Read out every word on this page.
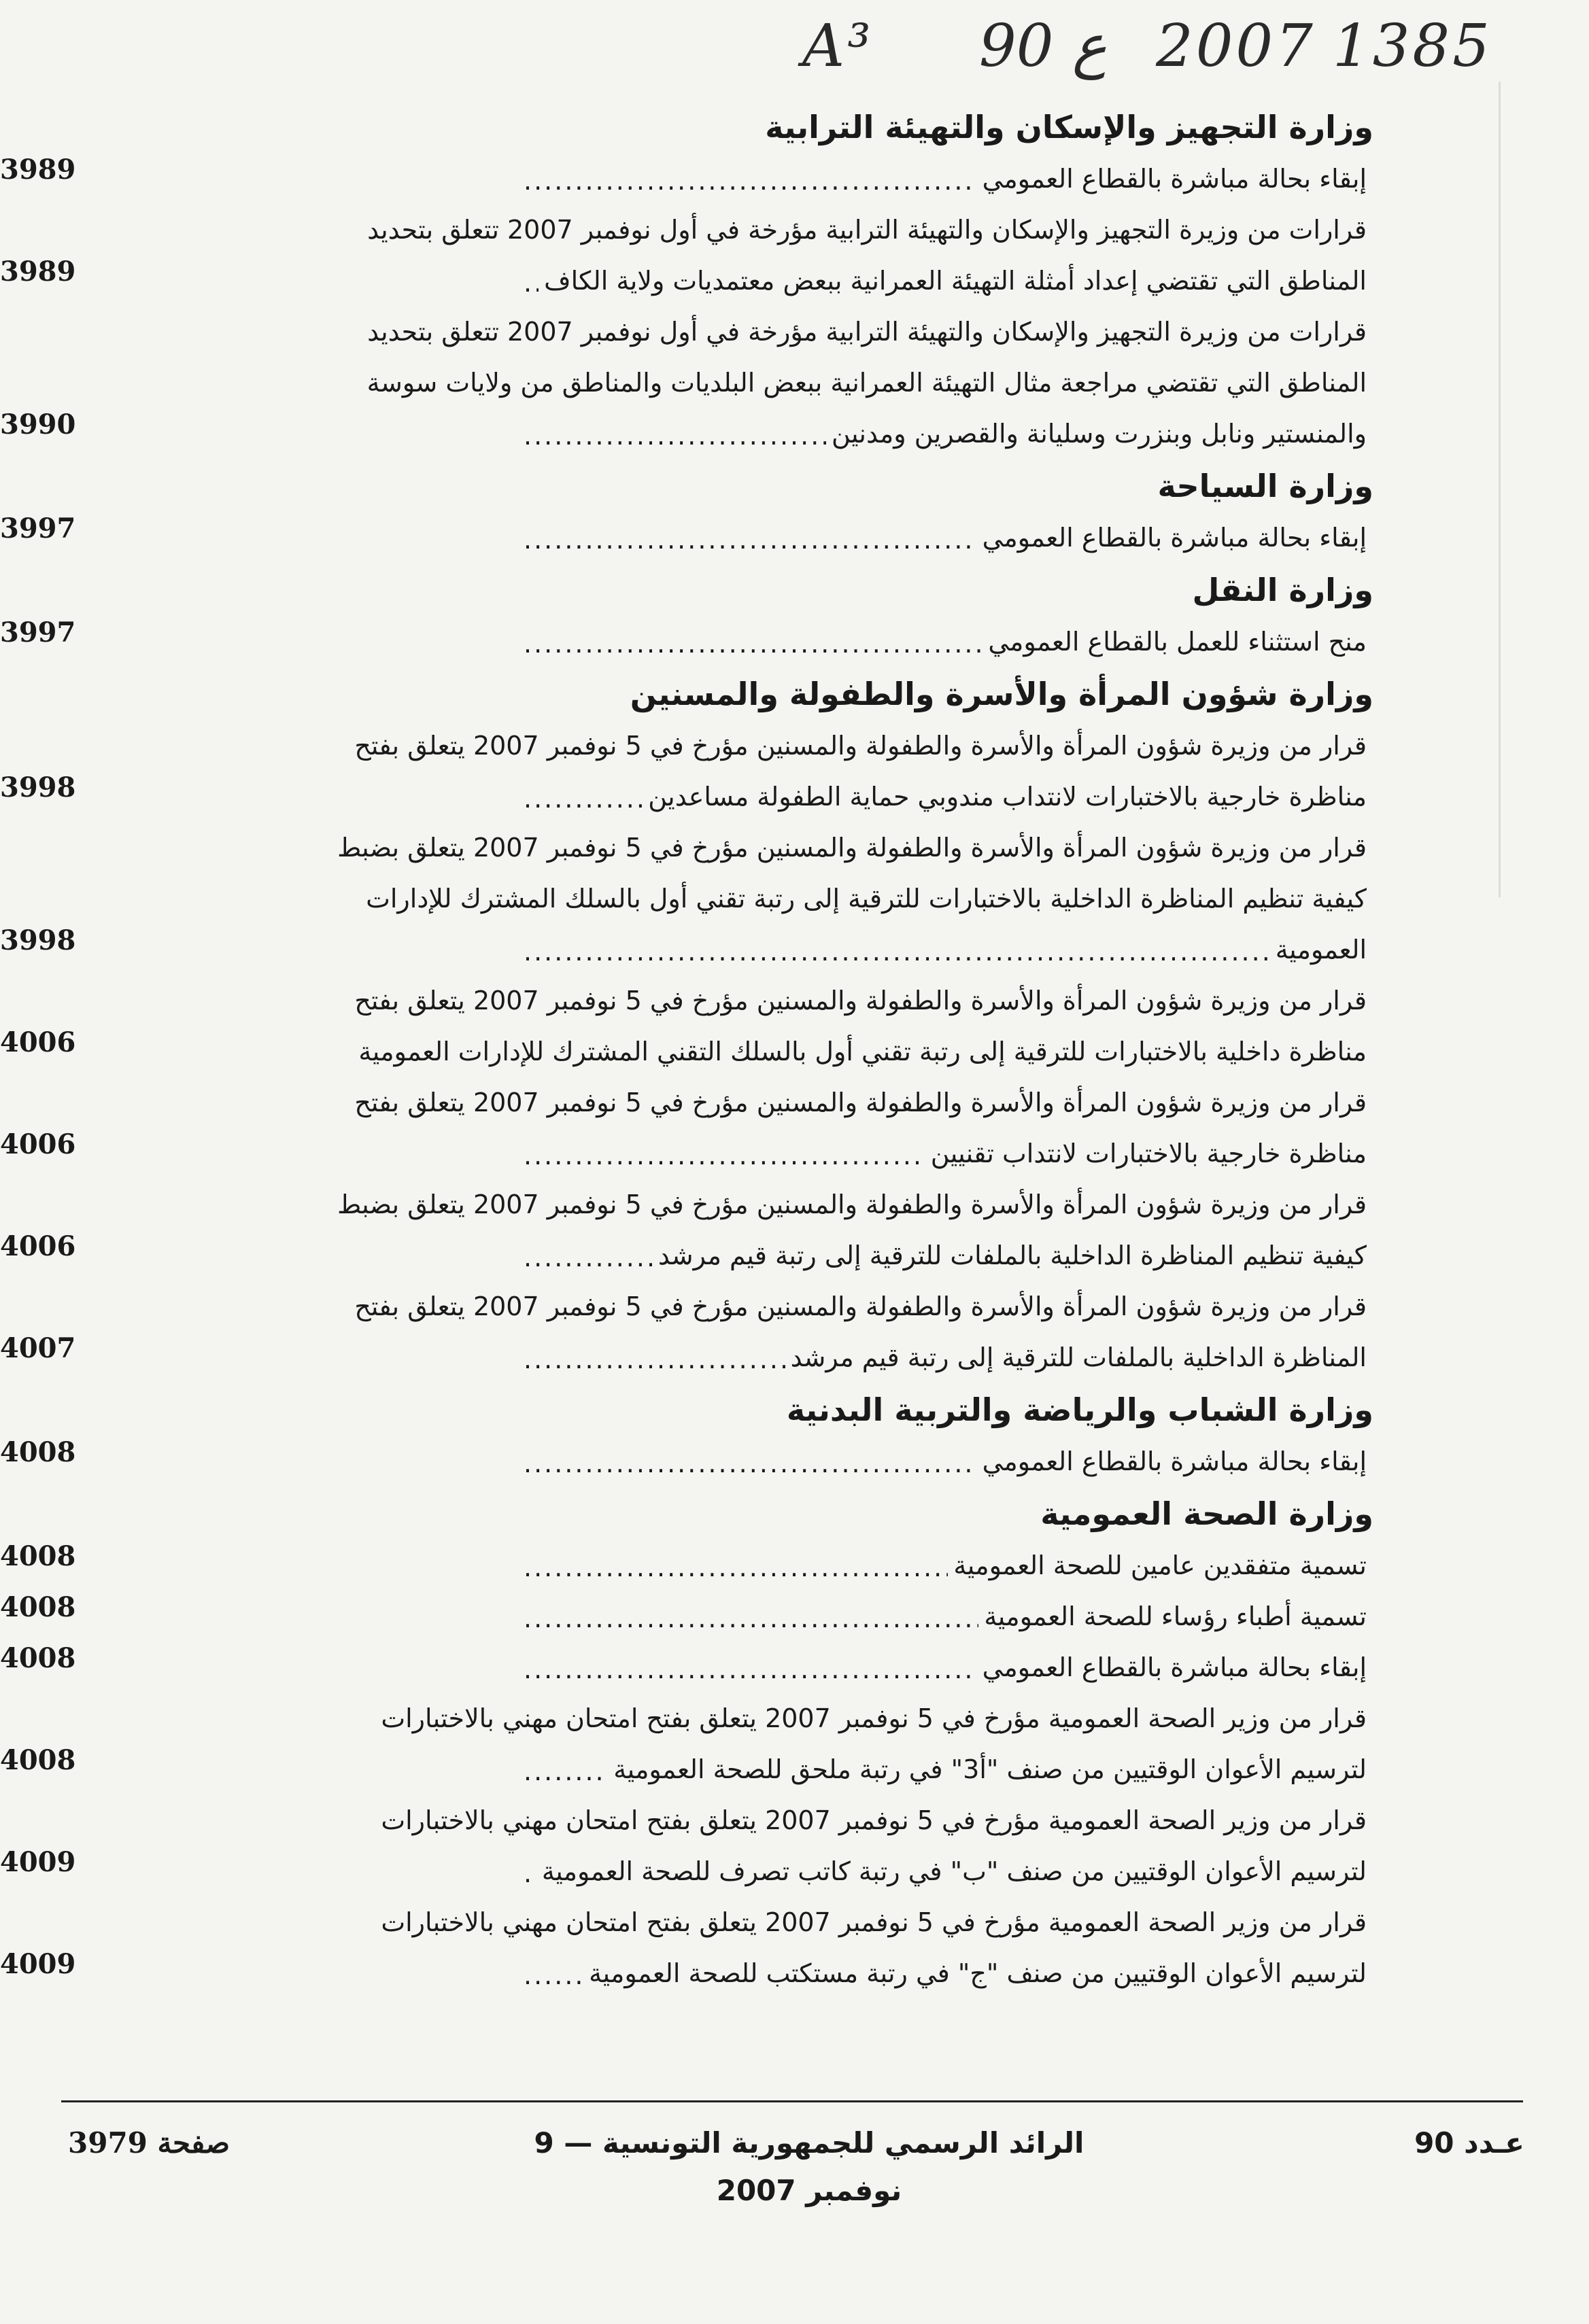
A³ 90 ع 2007 1385
وزارة التجهيز والإسكان والتهيئة الترابية
إبقاء بحالة مباشرة بالقطاع العمومي
.....
3989
قرارات من وزيرة التجهيز والإسكان والتهيئة الترابية مؤرخة في أول نوفمبر 2007 تتعلق بتحديد
المناطق التي تقتضي إعداد أمثلة التهيئة العمرانية ببعض معتمديات ولاية الكاف
.....
3989
قرارات من وزيرة التجهيز والإسكان والتهيئة الترابية مؤرخة في أول نوفمبر 2007 تتعلق بتحديد
المناطق التي تقتضي مراجعة مثال التهيئة العمرانية ببعض البلديات والمناطق من ولايات سوسة
والمنستير ونابل وبنزرت وسليانة والقصرين ومدنين
.....
3990
وزارة السياحة
إبقاء بحالة مباشرة بالقطاع العمومي
.....
3997
وزارة النقل
منح استثناء للعمل بالقطاع العمومي
.....
3997
وزارة شؤون المرأة والأسرة والطفولة والمسنين
قرار من وزيرة شؤون المرأة والأسرة والطفولة والمسنين مؤرخ في 5 نوفمبر 2007 يتعلق بفتح
مناظرة خارجية بالاختبارات لانتداب مندوبي حماية الطفولة مساعدين
.....
3998
قرار من وزيرة شؤون المرأة والأسرة والطفولة والمسنين مؤرخ في 5 نوفمبر 2007 يتعلق بضبط
كيفية تنظيم المناظرة الداخلية بالاختبارات للترقية إلى رتبة تقني أول بالسلك المشترك للإدارات
العمومية
.....
3998
قرار من وزيرة شؤون المرأة والأسرة والطفولة والمسنين مؤرخ في 5 نوفمبر 2007 يتعلق بفتح
مناظرة داخلية بالاختبارات للترقية إلى رتبة تقني أول بالسلك التقني المشترك للإدارات العمومية
4006
قرار من وزيرة شؤون المرأة والأسرة والطفولة والمسنين مؤرخ في 5 نوفمبر 2007 يتعلق بفتح
مناظرة خارجية بالاختبارات لانتداب تقنيين
.....
4006
قرار من وزيرة شؤون المرأة والأسرة والطفولة والمسنين مؤرخ في 5 نوفمبر 2007 يتعلق بضبط
كيفية تنظيم المناظرة الداخلية بالملفات للترقية إلى رتبة قيم مرشد
.....
4006
قرار من وزيرة شؤون المرأة والأسرة والطفولة والمسنين مؤرخ في 5 نوفمبر 2007 يتعلق بفتح
المناظرة الداخلية بالملفات للترقية إلى رتبة قيم مرشد
.....
4007
وزارة الشباب والرياضة والتربية البدنية
إبقاء بحالة مباشرة بالقطاع العمومي
.....
4008
وزارة الصحة العمومية
تسمية متفقدين عامين للصحة العمومية
.....
4008
تسمية أطباء رؤساء للصحة العمومية
.....
4008
إبقاء بحالة مباشرة بالقطاع العمومي
.....
4008
قرار من وزير الصحة العمومية مؤرخ في 5 نوفمبر 2007 يتعلق بفتح امتحان مهني بالاختبارات
لترسيم الأعوان الوقتيين من صنف "أ3" في رتبة ملحق للصحة العمومية
.....
4008
قرار من وزير الصحة العمومية مؤرخ في 5 نوفمبر 2007 يتعلق بفتح امتحان مهني بالاختبارات
لترسيم الأعوان الوقتيين من صنف "ب" في رتبة كاتب تصرف للصحة العمومية
.....
4009
قرار من وزير الصحة العمومية مؤرخ في 5 نوفمبر 2007 يتعلق بفتح امتحان مهني بالاختبارات
لترسيم الأعوان الوقتيين من صنف "ج" في رتبة مستكتب للصحة العمومية
.....
4009
صفحة 3979	الرائد الرسمي للجمهورية التونسية — 9 نوفمبر 2007
عـدد 90
